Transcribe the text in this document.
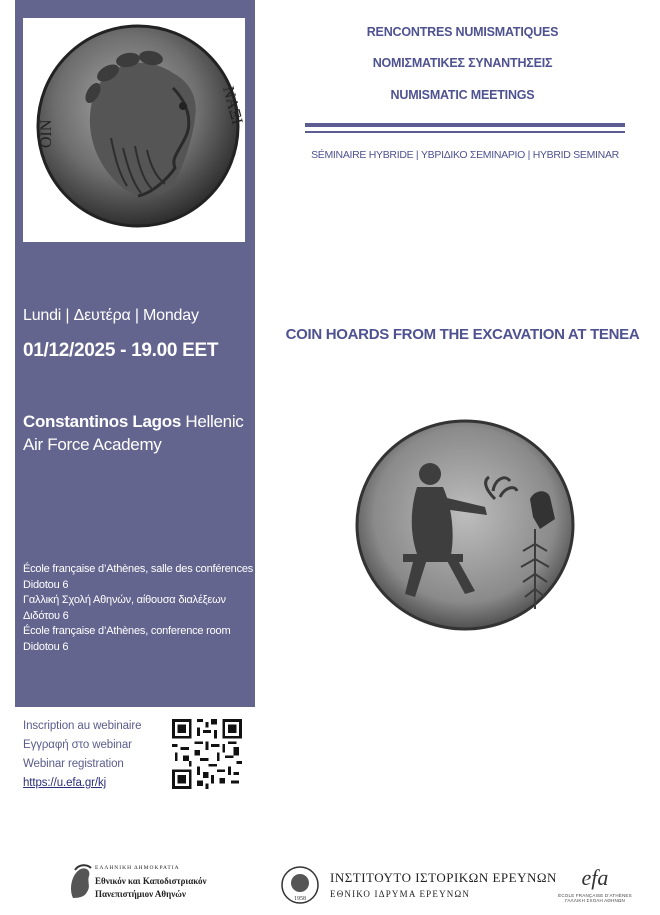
ΝΑΞΙ
ΟΙΝ
Lundi | Δευτέρα | Monday
01/12/2025 - 19.00 EET
Constantinos Lagos Hellenic Air Force Academy
École française d’Athènes, salle des conférences
Didotou 6
Γαλλική Σχολή Αθηνών, αίθουσα διαλέξεων
Διδότου 6
École française d’Athènes, conference room
Didotou 6
Inscription au webinaire
Εγγραφή στο webinar
Webinar registration
https://u.efa.gr/kj
RENCONTRES NUMISMATIQUES
ΝΟΜΙΣΜΑΤΙΚΕΣ ΣΥΝΑΝΤΗΣΕΙΣ
NUMISMATIC MEETINGS
SÉMINAIRE HYBRIDE | ΥΒΡΙΔΙΚΟ ΣΕΜΙΝΑΡΙΟ | HYBRID SEMINAR
COIN HOARDS FROM THE EXCAVATION AT TENEA
ΕΛΛΗΝΙΚΗ ΔΗΜΟΚΡΑΤΙΑ
Εθνικόν και Καποδιστριακόν
Πανεπιστήμιον Αθηνών	1958
ΙΝΣΤΙΤΟΥΤΟ ΙΣΤΟΡΙΚΩΝ ΕΡΕΥΝΩΝ
ΕΘΝΙΚΟ ΙΔΡΥΜΑ ΕΡΕΥΝΩΝ
efa
ÉCOLE FRANÇAISE D’ATHÈNES
ΓΑΛΛΙΚΗ ΣΧΟΛΗ ΑΘΗΝΩΝ
